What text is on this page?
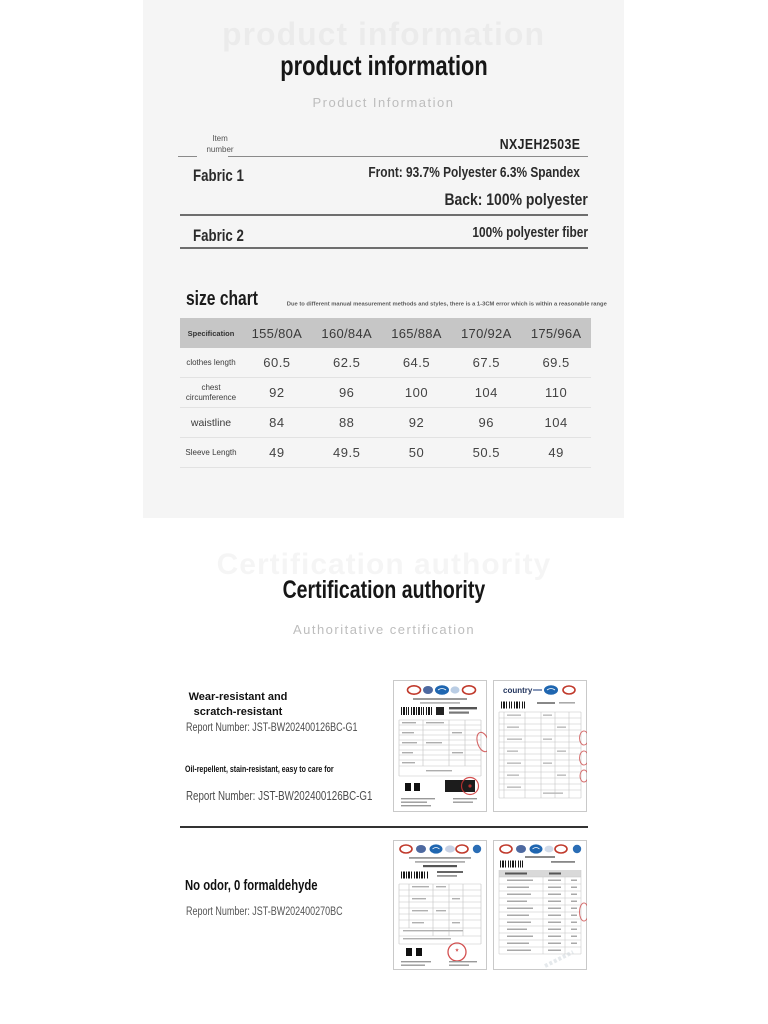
product information
Product Information
Item
number	NXJEH2503E
Fabric 1	Front: 93.7% Polyester 6.3% Spandex
Back: 100% polyester
Fabric 2	100% polyester fiber
size chart	Due to different manual measurement methods and styles, there is a 1-3CM error which is within a reasonable range
Specification	155/80A	160/84A	165/88A	170/92A	175/96A
clothes length	60.5	62.5	64.5	67.5	69.5
chest circumference	92	96	100	104	110
waistline	84	88	92	96	104
Sleeve Length	49	49.5	50	50.5	49
Certification authority
Authoritative certification
Wear-resistant and
scratch-resistant
Report Number: JST-BW202400126BC-G1
Oil-repellent, stain-resistant, easy to care for
Report Number: JST-BW202400126BC-G1
No odor, 0 formaldehyde
Report Number: JST-BW202400270BC
country
